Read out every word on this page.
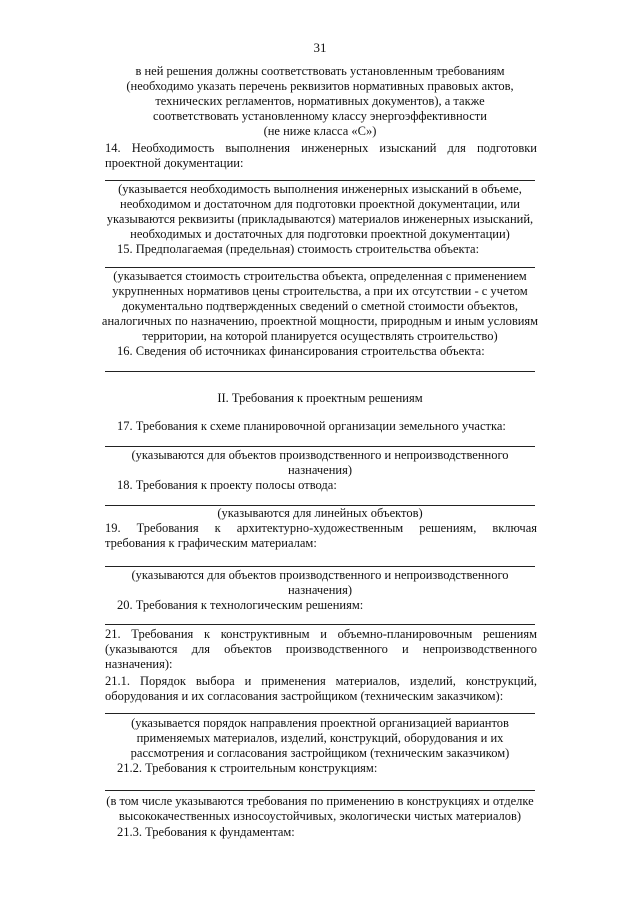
31
в ней решения должны соответствовать установленным требованиям
(необходимо указать перечень реквизитов нормативных правовых актов,
технических регламентов, нормативных документов), а также
соответствовать установленному классу энергоэффективности
(не ниже класса «С»)
14. Необходимость выполнения инженерных изысканий для подготовки
проектной документации:
(указывается необходимость выполнения инженерных изысканий в объеме,
необходимом и достаточном для подготовки проектной документации, или
указываются реквизиты (прикладываются) материалов инженерных изысканий,
необходимых и достаточных для подготовки проектной документации)
15. Предполагаемая (предельная) стоимость строительства объекта:
(указывается стоимость строительства объекта, определенная с применением
укрупненных нормативов цены строительства, а при их отсутствии - с учетом
документально подтвержденных сведений о сметной стоимости объектов,
аналогичных по назначению, проектной мощности, природным и иным условиям
территории, на которой планируется осуществлять строительство)
16. Сведения об источниках финансирования строительства объекта:
II. Требования к проектным решениям
17. Требования к схеме планировочной организации земельного участка:
(указываются для объектов производственного и непроизводственного
назначения)
18. Требования к проекту полосы отвода:
(указываются для линейных объектов)
19. Требования к архитектурно-художественным решениям, включая
требования к графическим материалам:
(указываются для объектов производственного и непроизводственного
назначения)
20. Требования к технологическим решениям:
21. Требования к конструктивным и объемно-планировочным решениям
(указываются для объектов производственного и непроизводственного
назначения):
21.1. Порядок выбора и применения материалов, изделий, конструкций,
оборудования и их согласования застройщиком (техническим заказчиком):
(указывается порядок направления проектной организацией вариантов
применяемых материалов, изделий, конструкций, оборудования и их
рассмотрения и согласования застройщиком (техническим заказчиком)
21.2. Требования к строительным конструкциям:
(в том числе указываются требования по применению в конструкциях и отделке
высококачественных износоустойчивых, экологически чистых материалов)
21.3. Требования к фундаментам:
